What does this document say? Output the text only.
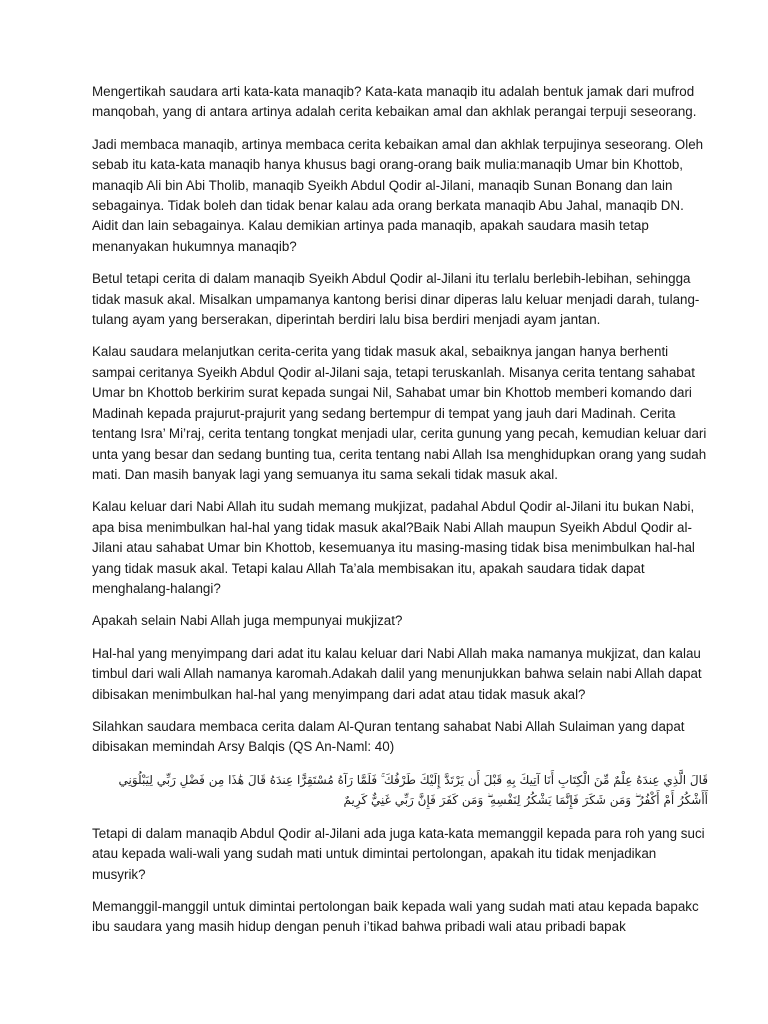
Mengertikah saudara arti kata-kata manaqib? Kata-kata manaqib itu adalah bentuk jamak dari mufrod manqobah, yang di antara artinya adalah cerita kebaikan amal dan akhlak perangai terpuji seseorang.

Jadi membaca manaqib, artinya membaca cerita kebaikan amal dan akhlak terpujinya seseorang. Oleh sebab itu kata-kata manaqib hanya khusus bagi orang-orang baik mulia:manaqib Umar bin Khottob, manaqib Ali bin Abi Tholib, manaqib Syeikh Abdul Qodir al-Jilani, manaqib Sunan Bonang dan lain sebagainya. Tidak boleh dan tidak benar kalau ada orang berkata manaqib Abu Jahal, manaqib DN. Aidit dan lain sebagainya. Kalau demikian artinya pada manaqib, apakah saudara masih tetap menanyakan hukumnya manaqib?

Betul tetapi cerita di dalam manaqib Syeikh Abdul Qodir al-Jilani itu terlalu berlebih-lebihan, sehingga tidak masuk akal. Misalkan umpamanya kantong berisi dinar diperas lalu keluar menjadi darah, tulang-tulang ayam yang berserakan, diperintah berdiri lalu bisa berdiri menjadi ayam jantan.

Kalau saudara melanjutkan cerita-cerita yang tidak masuk akal, sebaiknya jangan hanya berhenti sampai ceritanya Syeikh Abdul Qodir al-Jilani saja, tetapi teruskanlah. Misanya cerita tentang sahabat Umar bn Khottob berkirim surat kepada sungai Nil, Sahabat umar bin Khottob memberi komando dari Madinah kepada prajurut-prajurit yang sedang bertempur di tempat yang jauh dari Madinah. Cerita tentang Isra’ Mi’raj, cerita tentang tongkat menjadi ular, cerita gunung yang pecah, kemudian keluar dari unta yang besar dan sedang bunting tua, cerita tentang nabi Allah Isa menghidupkan orang yang sudah mati. Dan masih banyak lagi yang semuanya itu sama sekali tidak masuk akal.

Kalau keluar dari Nabi Allah itu sudah memang mukjizat, padahal Abdul Qodir al-Jilani itu bukan Nabi, apa bisa menimbulkan hal-hal yang tidak masuk akal?Baik Nabi Allah maupun Syeikh Abdul Qodir al-Jilani atau sahabat Umar bin Khottob, kesemuanya itu masing-masing tidak bisa menimbulkan hal-hal yang tidak masuk akal. Tetapi kalau Allah Ta’ala membisakan itu, apakah saudara tidak dapat menghalang-halangi?

Apakah selain Nabi Allah juga mempunyai mukjizat?

Hal-hal yang menyimpang dari adat itu kalau keluar dari Nabi Allah maka namanya mukjizat, dan kalau timbul dari wali Allah namanya karomah.Adakah dalil yang menunjukkan bahwa selain nabi Allah dapat dibisakan menimbulkan hal-hal yang menyimpang dari adat atau tidak masuk akal?

Silahkan saudara membaca cerita dalam Al-Quran tentang sahabat Nabi Allah Sulaiman yang dapat dibisakan memindah Arsy Balqis (QS An-Naml: 40)

قَالَ الَّذِي عِندَهُ عِلْمٌ مِّنَ الْكِتَابِ أَنَا آتِيكَ بِهِ قَبْلَ أَن يَرْتَدَّ إِلَيْكَ طَرْفُكَ ۚ فَلَمَّا رَآهُ مُسْتَقِرًّا عِندَهُ قَالَ هَٰذَا مِن فَضْلِ رَبِّي لِيَبْلُوَنِي أَأَشْكُرُ أَمْ أَكْفُرُ ۖ وَمَن شَكَرَ فَإِنَّمَا يَشْكُرُ لِنَفْسِهِ ۖ وَمَن كَفَرَ فَإِنَّ رَبِّي غَنِيٌّ كَرِيمٌ

Tetapi di dalam manaqib Abdul Qodir al-Jilani ada juga kata-kata memanggil kepada para roh yang suci atau kepada wali-wali yang sudah mati untuk dimintai pertolongan, apakah itu tidak menjadikan musyrik?

Memanggil-manggil untuk dimintai pertolongan baik kepada wali yang sudah mati atau kepada bapakc ibu saudara yang masih hidup dengan penuh i’tikad bahwa pribadi wali atau pribadi bapak
